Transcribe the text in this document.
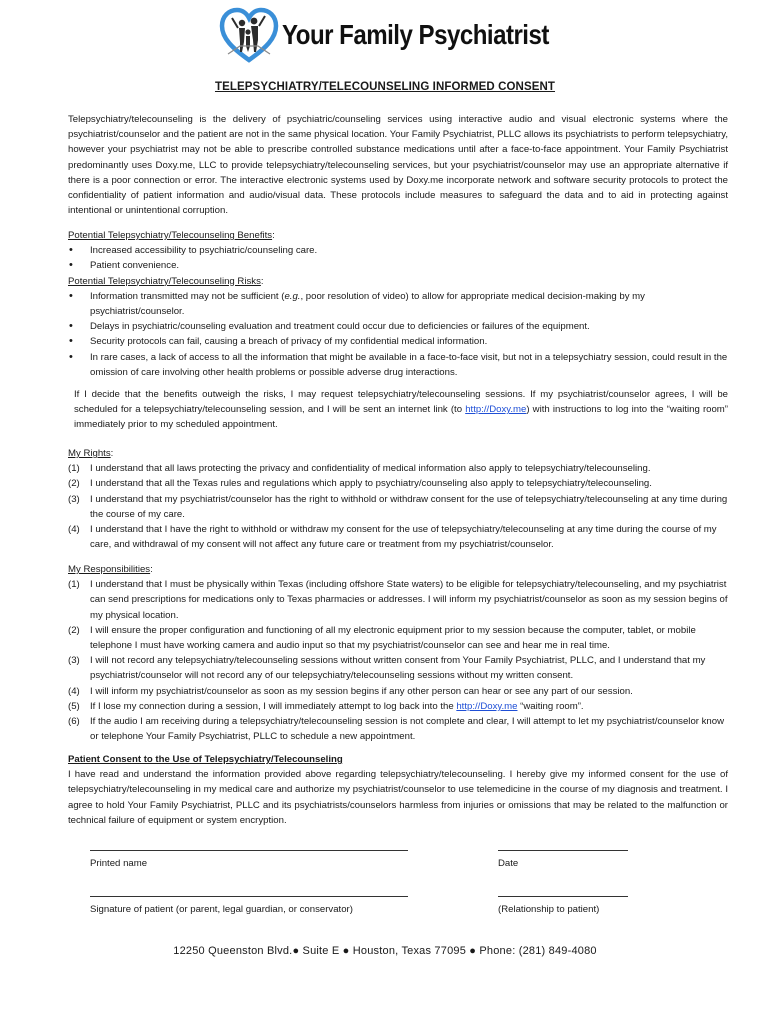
Your Family Psychiatrist
TELEPSYCHIATRY/TELECOUNSELING INFORMED CONSENT

Telepsychiatry/telecounseling is the delivery of psychiatric/counseling services using interactive audio and visual electronic systems where the psychiatrist/counselor and the patient are not in the same physical location. Your Family Psychiatrist, PLLC allows its psychiatrists to perform telepsychiatry, however your psychiatrist may not be able to prescribe controlled substance medications until after a face-to-face appointment. Your Family Psychiatrist predominantly uses Doxy.me, LLC to provide telepsychiatry/telecounseling services, but your psychiatrist/counselor may use an appropriate alternative if there is a poor connection or error. The interactive electronic systems used by Doxy.me incorporate network and software security protocols to protect the confidentiality of patient information and audio/visual data. These protocols include measures to safeguard the data and to aid in protecting against intentional or unintentional corruption.

Potential Telepsychiatry/Telecounseling Benefits:
• Increased accessibility to psychiatric/counseling care.
• Patient convenience.
Potential Telepsychiatry/Telecounseling Risks:
• Information transmitted may not be sufficient (e.g., poor resolution of video) to allow for appropriate medical decision-making by my psychiatrist/counselor.
• Delays in psychiatric/counseling evaluation and treatment could occur due to deficiencies or failures of the equipment.
• Security protocols can fail, causing a breach of privacy of my confidential medical information.
• In rare cases, a lack of access to all the information that might be available in a face-to-face visit, but not in a telepsychiatry session, could result in the omission of care involving other health problems or possible adverse drug interactions.

If I decide that the benefits outweigh the risks, I may request telepsychiatry/telecounseling sessions. If my psychiatrist/counselor agrees, I will be scheduled for a telepsychiatry/telecounseling session, and I will be sent an internet link (to http://Doxy.me) with instructions to log into the “waiting room” immediately prior to my scheduled appointment.

My Rights:
(1)	I understand that all laws protecting the privacy and confidentiality of medical information also apply to telepsychiatry/telecounseling.
(2)	I understand that all the Texas rules and regulations which apply to psychiatry/counseling also apply to telepsychiatry/telecounseling.
(3)	I understand that my psychiatrist/counselor has the right to withhold or withdraw consent for the use of telepsychiatry/telecounseling at any time during the course of my care.
(4)	I understand that I have the right to withhold or withdraw my consent for the use of telepsychiatry/telecounseling at any time during the course of my care, and withdrawal of my consent will not affect any future care or treatment from my psychiatrist/counselor.
My Responsibilities:
(1)	I understand that I must be physically within Texas (including offshore State waters) to be eligible for telepsychiatry/telecounseling, and my psychiatrist can send prescriptions for medications only to Texas pharmacies or addresses. I will inform my psychiatrist/counselor as soon as my session begins of my physical location.
(2)	I will ensure the proper configuration and functioning of all my electronic equipment prior to my session because the computer, tablet, or mobile telephone I must have working camera and audio input so that my psychiatrist/counselor can see and hear me in real time.
(3)	I will not record any telepsychiatry/telecounseling sessions without written consent from Your Family Psychiatrist, PLLC, and I understand that my psychiatrist/counselor will not record any of our telepsychiatry/telecounseling sessions without my written consent.
(4)	I will inform my psychiatrist/counselor as soon as my session begins if any other person can hear or see any part of our session.
(5)	If I lose my connection during a session, I will immediately attempt to log back into the http://Doxy.me “waiting room”.
(6)	If the audio I am receiving during a telepsychiatry/telecounseling session is not complete and clear, I will attempt to let my psychiatrist/counselor know or telephone Your Family Psychiatrist, PLLC to schedule a new appointment.
Patient Consent to the Use of Telepsychiatry/Telecounseling

I have read and understand the information provided above regarding telepsychiatry/telecounseling. I hereby give my informed consent for the use of telepsychiatry/telecounseling in my medical care and authorize my psychiatrist/counselor to use telemedicine in the course of my diagnosis and treatment. I agree to hold Your Family Psychiatrist, PLLC and its psychiatrists/counselors harmless from injuries or omissions that may be related to the malfunction or technical failure of equipment or system encryption.

Printed name	Date
Signature of patient (or parent, legal guardian, or conservator)	(Relationship to patient)
12250 Queenston Blvd.● Suite E ● Houston, Texas 77095 ● Phone: (281) 849-4080
